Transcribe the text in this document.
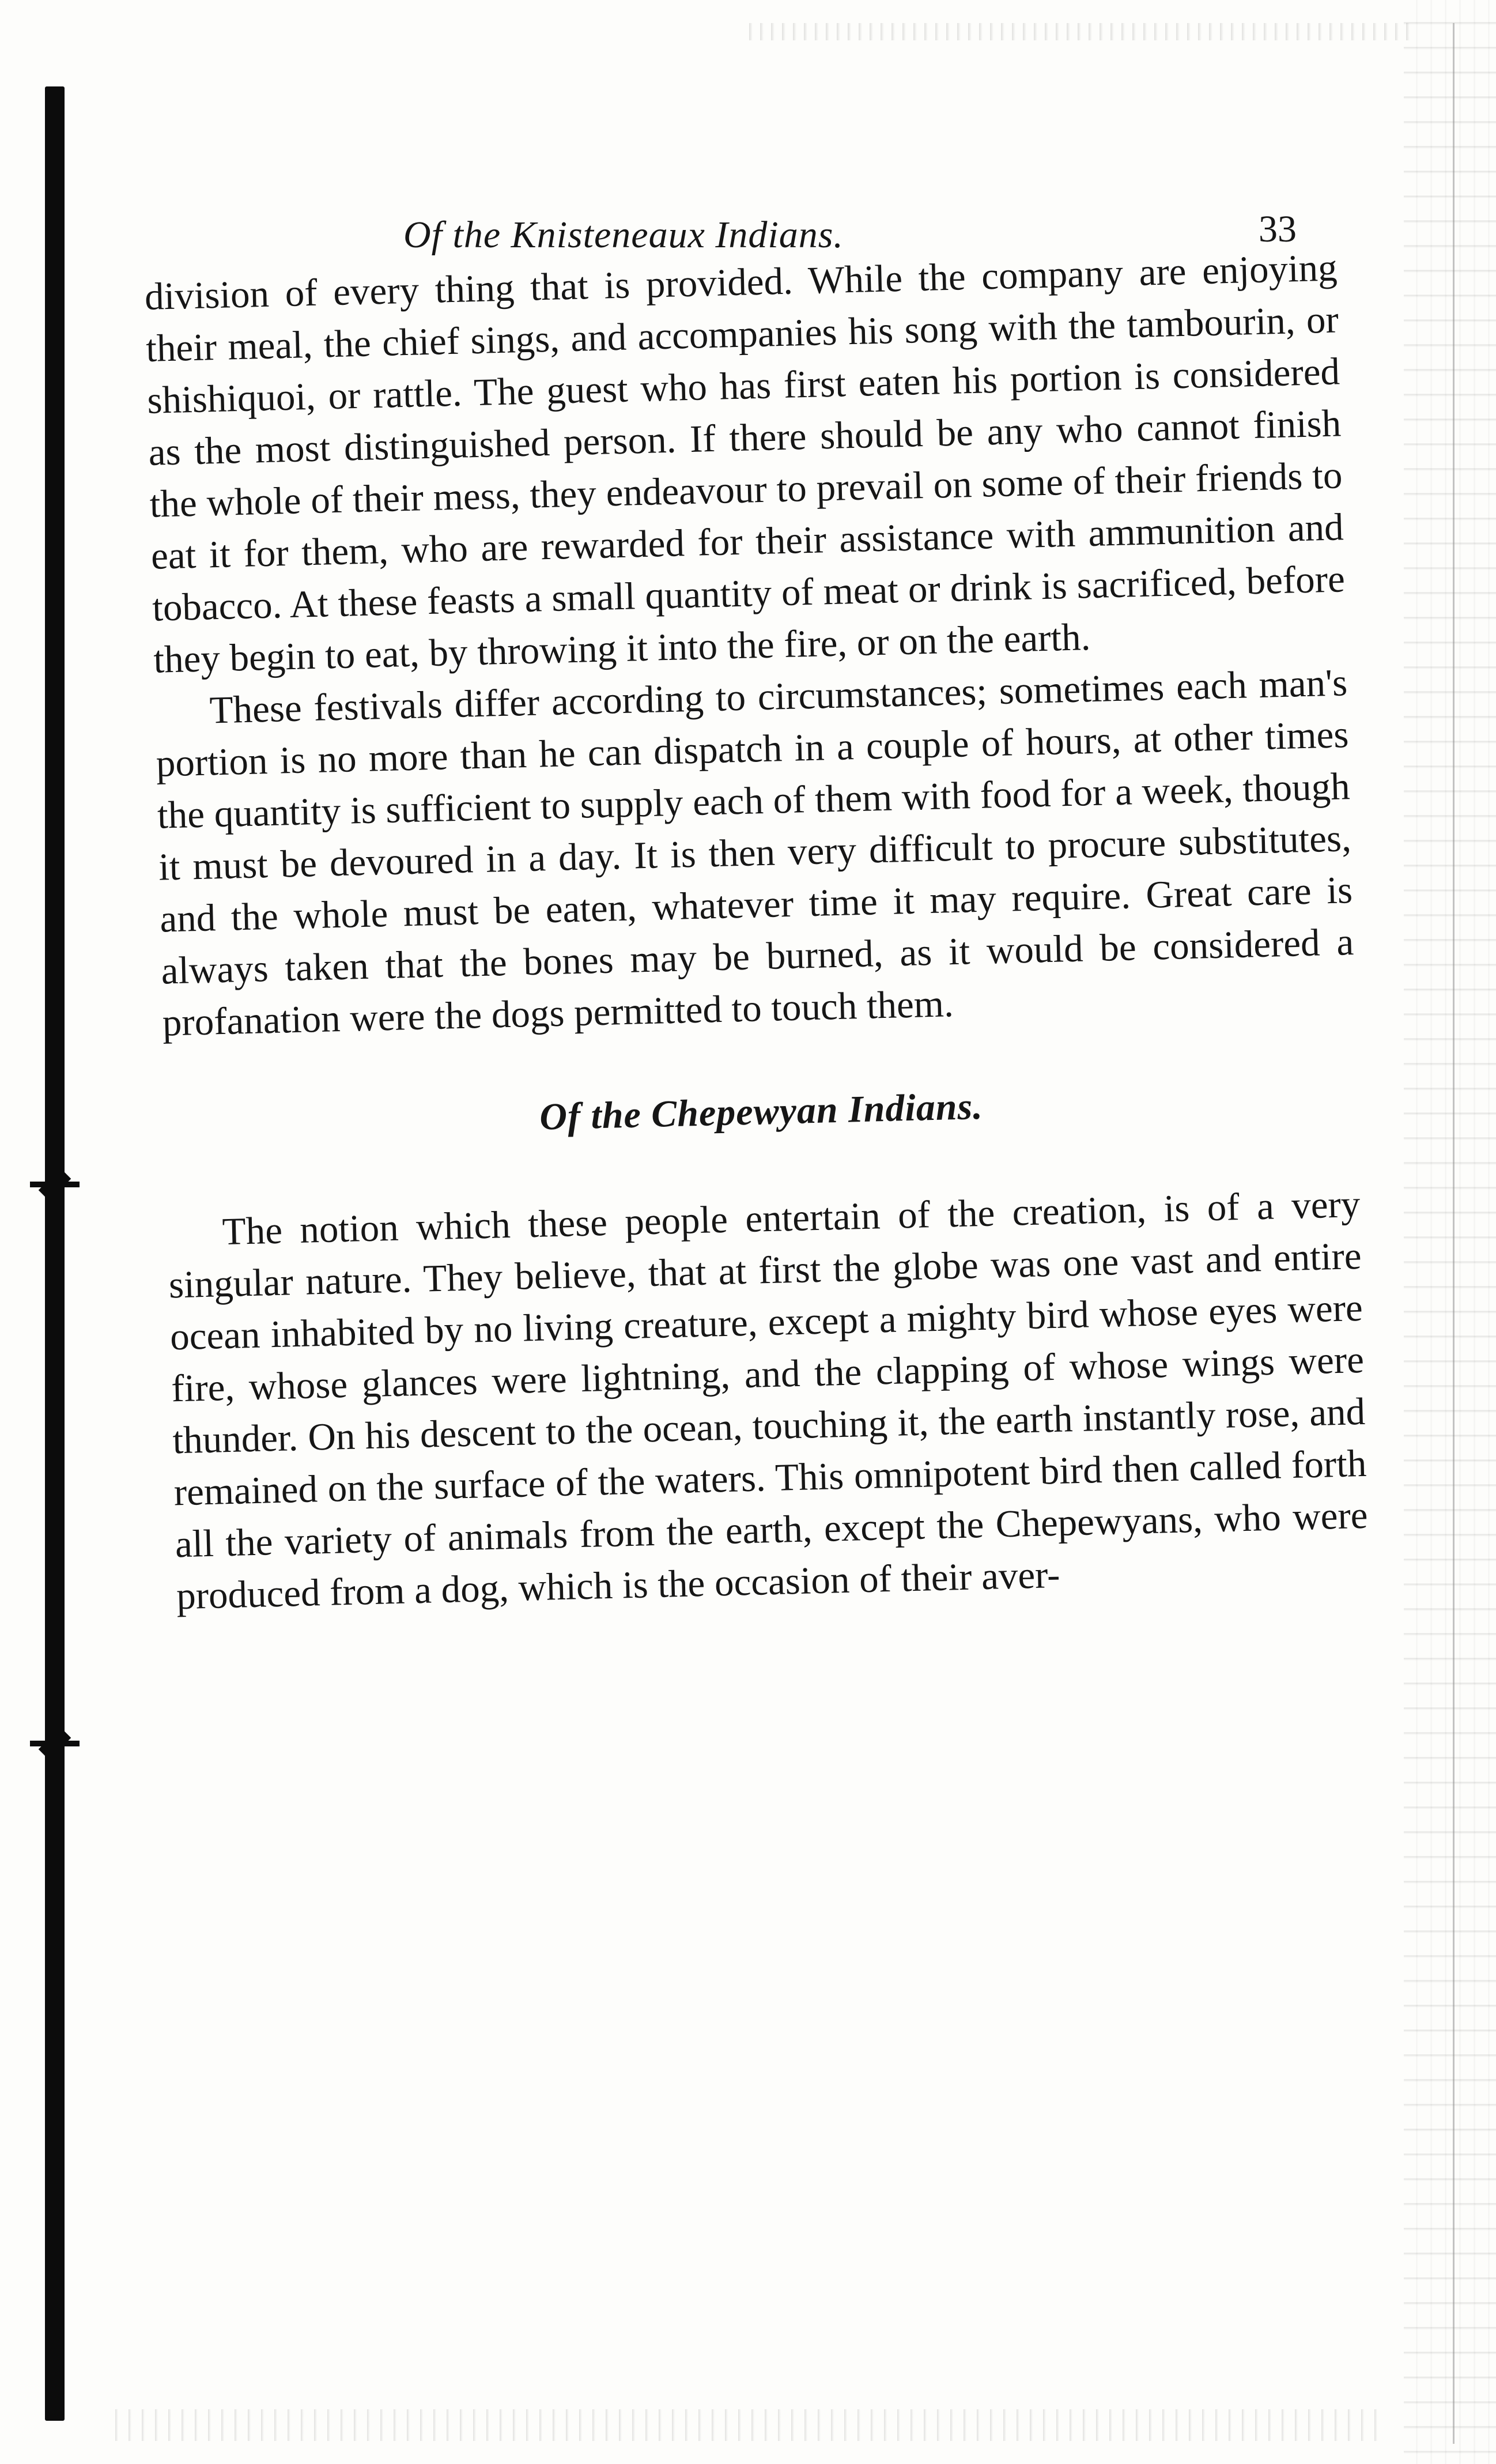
Of the Knisteneaux Indians.	33

division of every thing that is provided. While the company are enjoying their meal, the chief sings, and accompanies his song with the tambourin, or shishiquoi, or rattle. The guest who has first eaten his portion is considered as the most distinguished person. If there should be any who cannot finish the whole of their mess, they endeavour to prevail on some of their friends to eat it for them, who are rewarded for their assistance with ammunition and tobacco. At these feasts a small quantity of meat or drink is sacrificed, before they begin to eat, by throwing it into the fire, or on the earth.

These festivals differ according to circumstances; sometimes each man's portion is no more than he can dispatch in a couple of hours, at other times the quantity is sufficient to supply each of them with food for a week, though it must be devoured in a day. It is then very difficult to procure substitutes, and the whole must be eaten, whatever time it may require. Great care is always taken that the bones may be burned, as it would be considered a profanation were the dogs permitted to touch them.

Of the Chepewyan Indians.

The notion which these people entertain of the creation, is of a very singular nature. They believe, that at first the globe was one vast and entire ocean inhabited by no living creature, except a mighty bird whose eyes were fire, whose glances were lightning, and the clapping of whose wings were thunder. On his descent to the ocean, touching it, the earth instantly rose, and remained on the surface of the waters. This omnipotent bird then called forth all the variety of animals from the earth, except the Chepewyans, who were produced from a dog, which is the occasion of their aver-
